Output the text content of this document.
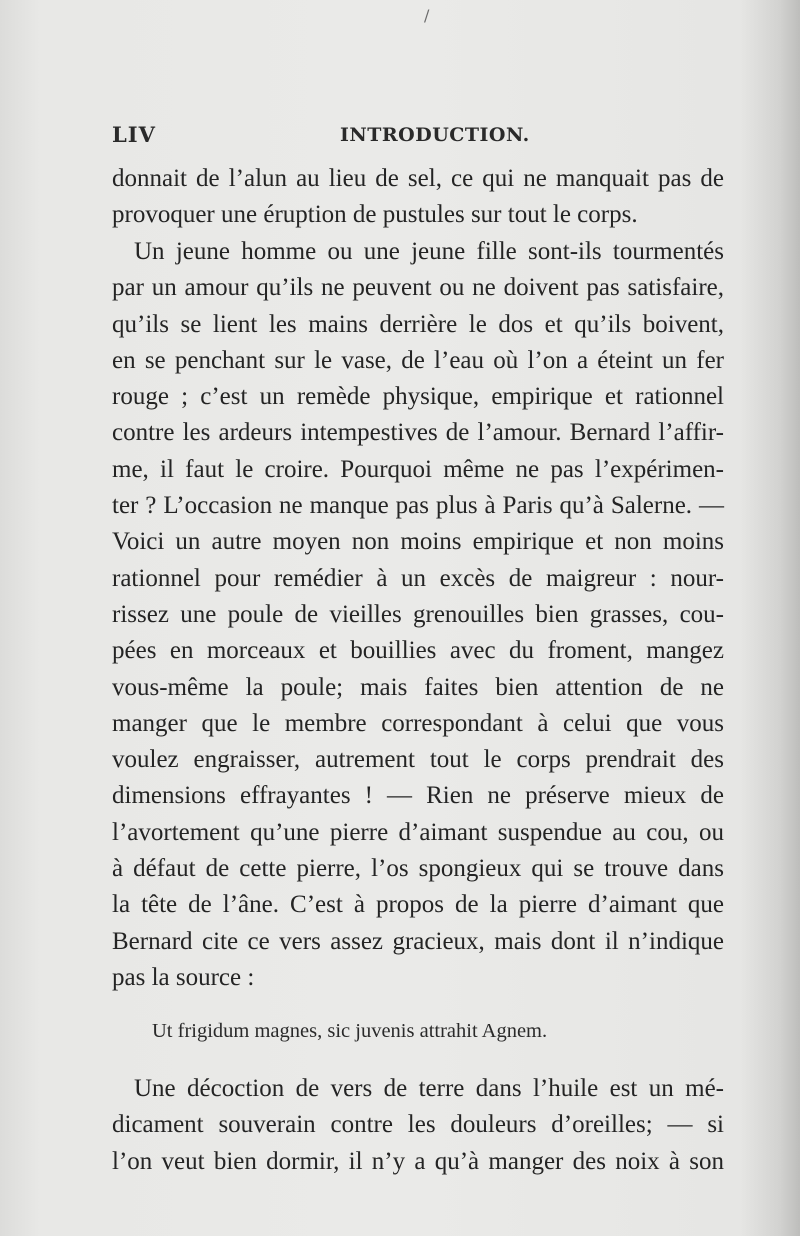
/
LIV	INTRODUCTION.
donnait de l’alun au lieu de sel, ce qui ne manquait pas de
provoquer une éruption de pustules sur tout le corps.
Un jeune homme ou une jeune fille sont-ils tourmentés
par un amour qu’ils ne peuvent ou ne doivent pas satisfaire,
qu’ils se lient les mains derrière le dos et qu’ils boivent,
en se penchant sur le vase, de l’eau où l’on a éteint un fer
rouge ; c’est un remède physique, empirique et rationnel
contre les ardeurs intempestives de l’amour. Bernard l’affir-
me, il faut le croire. Pourquoi même ne pas l’expérimen-
ter ? L’occasion ne manque pas plus à Paris qu’à Salerne. —
Voici un autre moyen non moins empirique et non moins
rationnel pour remédier à un excès de maigreur : nour-
rissez une poule de vieilles grenouilles bien grasses, cou-
pées en morceaux et bouillies avec du froment, mangez
vous-même la poule; mais faites bien attention de ne
manger que le membre correspondant à celui que vous
voulez engraisser, autrement tout le corps prendrait des
dimensions effrayantes ! — Rien ne préserve mieux de
l’avortement qu’une pierre d’aimant suspendue au cou, ou
à défaut de cette pierre, l’os spongieux qui se trouve dans
la tête de l’âne. C’est à propos de la pierre d’aimant que
Bernard cite ce vers assez gracieux, mais dont il n’indique
pas la source :
Ut frigidum magnes, sic juvenis attrahit Agnem.
Une décoction de vers de terre dans l’huile est un mé-
dicament souverain contre les douleurs d’oreilles; — si
l’on veut bien dormir, il n’y a qu’à manger des noix à son
